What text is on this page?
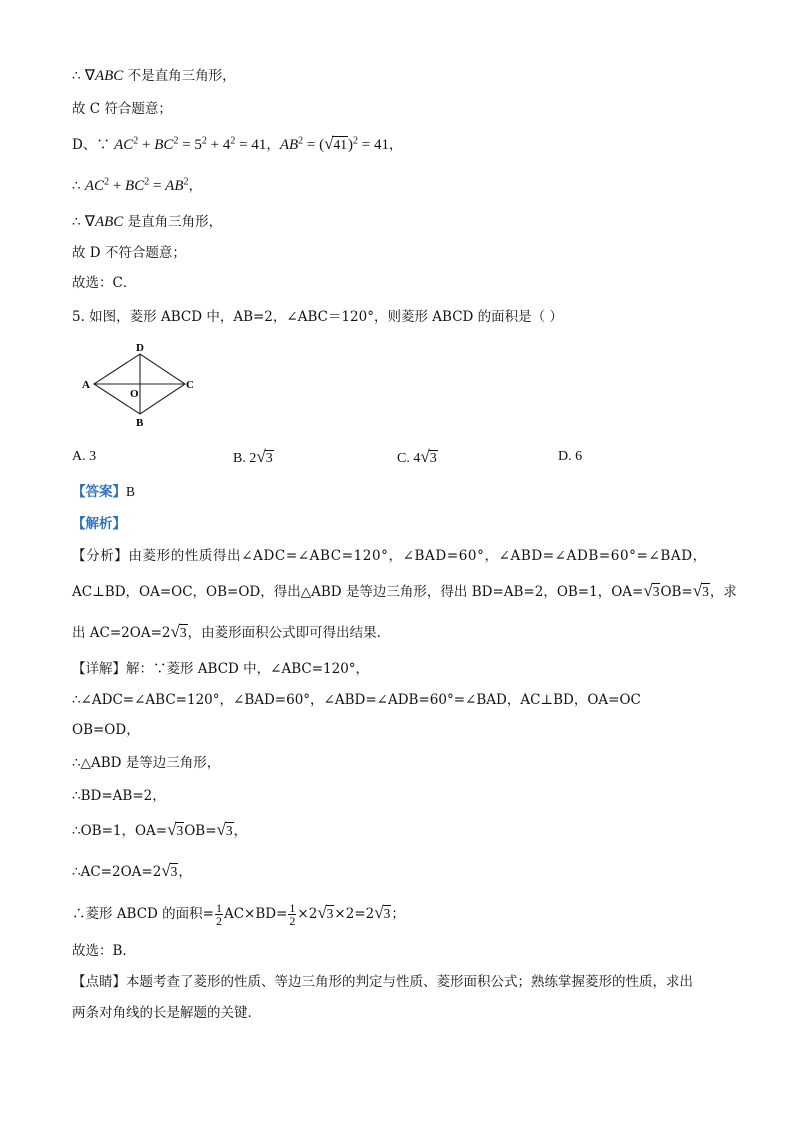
∴ ∇ABC 不是直角三角形，
故 C 符合题意；
D、∵ $AC^2 + BC^2 = 5^2 + 4^2 = 41$，$AB^2 = (√41)^2 = 41$，
∴ $AC^2 + BC^2 = AB^2$，
∴ ∇ABC 是直角三角形，
故 D 不符合题意；
故选：C．
5. 如图，菱形 ABCD 中，AB=2，∠ABC＝120°，则菱形 ABCD 的面积是（ ）
A
D
C
B
O
A. 3	B. 2√3	C. 4√3	D. 6
【答案】B
【解析】
【分析】由菱形的性质得出∠ADC=∠ABC=120°，∠BAD=60°，∠ABD=∠ADB=60°=∠BAD，
AC⊥BD，OA=OC，OB=OD，得出△ABD 是等边三角形，得出 BD=AB=2，OB=1，OA=√3OB=√3，求
出 AC=2OA=2√3，由菱形面积公式即可得出结果．
【详解】解：∵菱形 ABCD 中，∠ABC=120°，
∴∠ADC=∠ABC=120°，∠BAD=60°，∠ABD=∠ADB=60°=∠BAD，AC⊥BD，OA=OC
OB=OD，
∴△ABD 是等边三角形，
∴BD=AB=2，
∴OB=1，OA=√3OB=√3，
∴AC=2OA=2√3，
∴菱形 ABCD 的面积= $\frac{1}{2} AC\times BD= \frac{1}{2} \times 2√3\times 2=2√3$；
故选：B．
【点睛】本题考查了菱形的性质、等边三角形的判定与性质、菱形面积公式；熟练掌握菱形的性质，求出
两条对角线的长是解题的关键．
